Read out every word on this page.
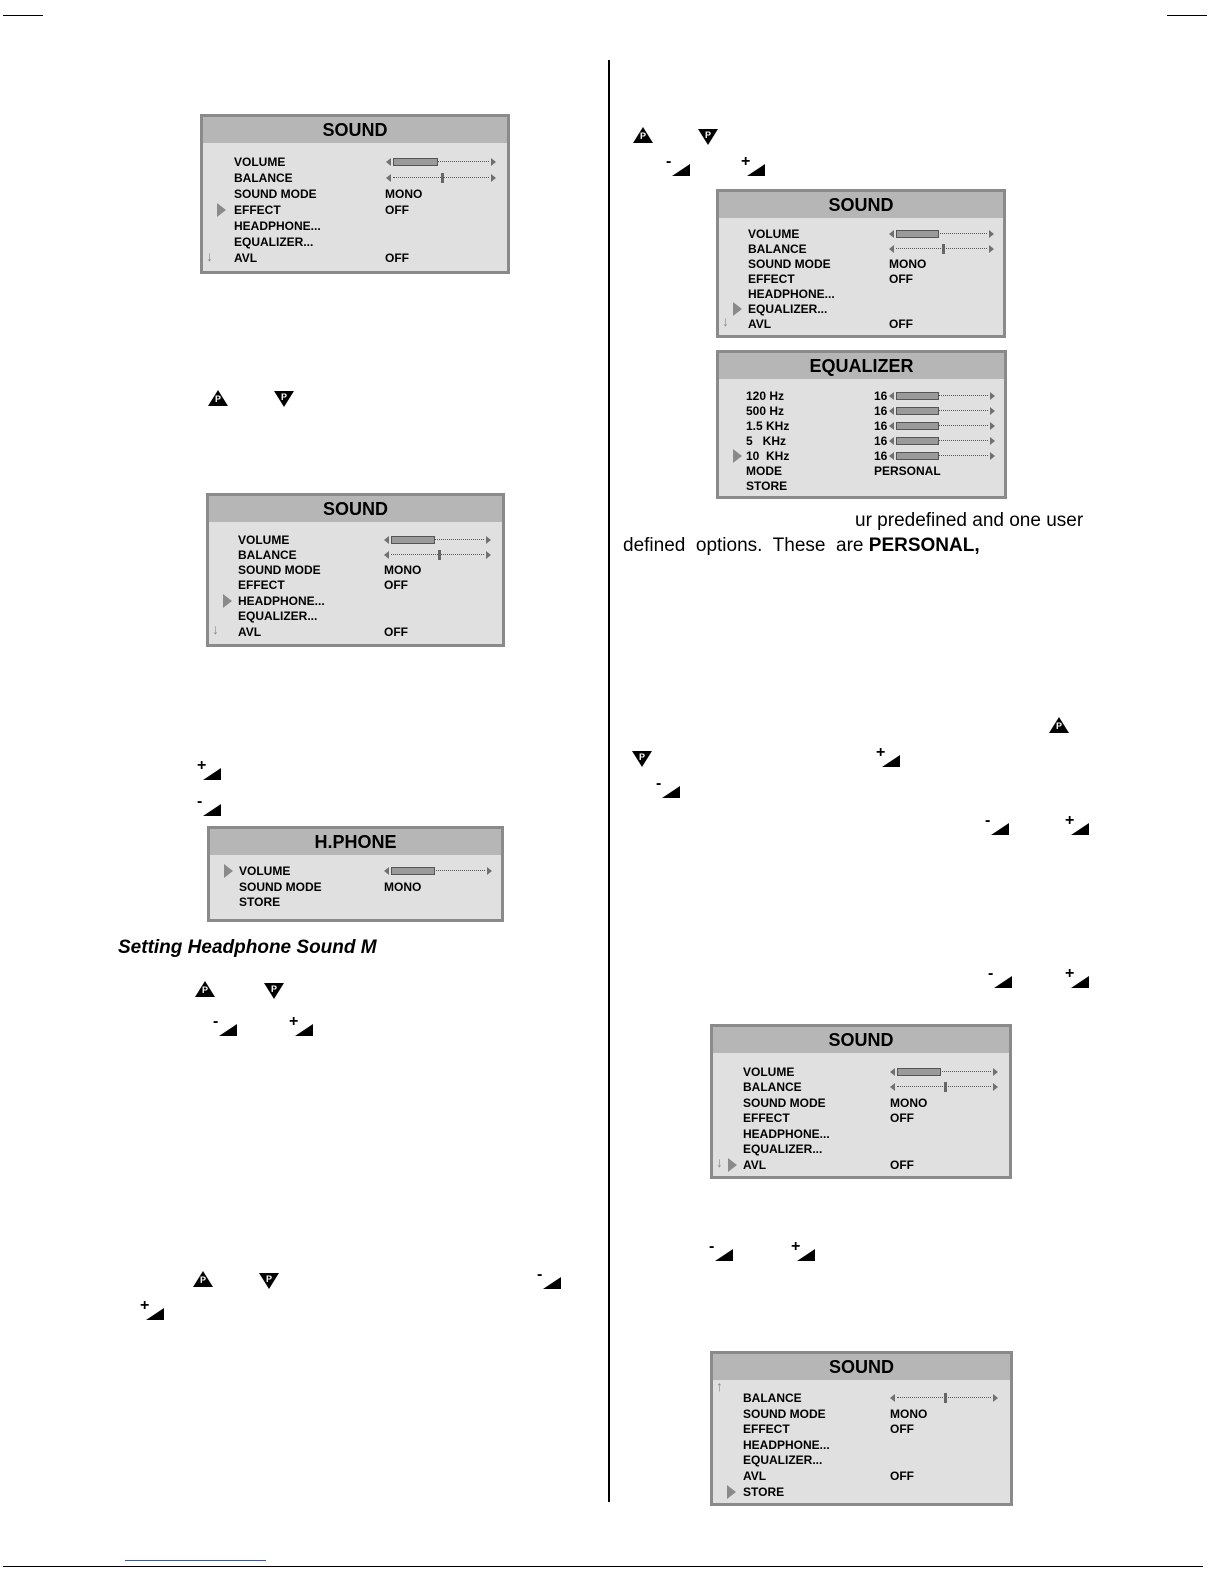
SOUND
VOLUME
BALANCE
SOUND MODE	MONO
EFFECT	OFF
HEADPHONE...
EQUALIZER...
↓ AVL	OFF
P	P
SOUND
VOLUME
BALANCE
SOUND MODE	MONO
EFFECT	OFF
HEADPHONE...
EQUALIZER...
↓ AVL	OFF
+
-
H.PHONE
VOLUME
SOUND MODE	MONO
STORE
Setting Headphone Sound M
P	P
-	+
P	P	-
+
P	P
-	+
SOUND
VOLUME
BALANCE
SOUND MODE	MONO
EFFECT	OFF
HEADPHONE...
EQUALIZER...
↓ AVL	OFF
EQUALIZER
120 Hz	16
500 Hz	16
1.5 KHz	16
5   KHz	16
10  KHz	16
MODE	PERSONAL
STORE
ur predefined and one user
defined  options.  These  are PERSONAL,
P
P	+
-
-	+
-	+
SOUND
VOLUME
BALANCE
SOUND MODE	MONO
EFFECT	OFF
HEADPHONE...
EQUALIZER...
↓ AVL	OFF
-	+
SOUND
↑
BALANCE
SOUND MODE	MONO
EFFECT	OFF
HEADPHONE...
EQUALIZER...
AVL	OFF
STORE
